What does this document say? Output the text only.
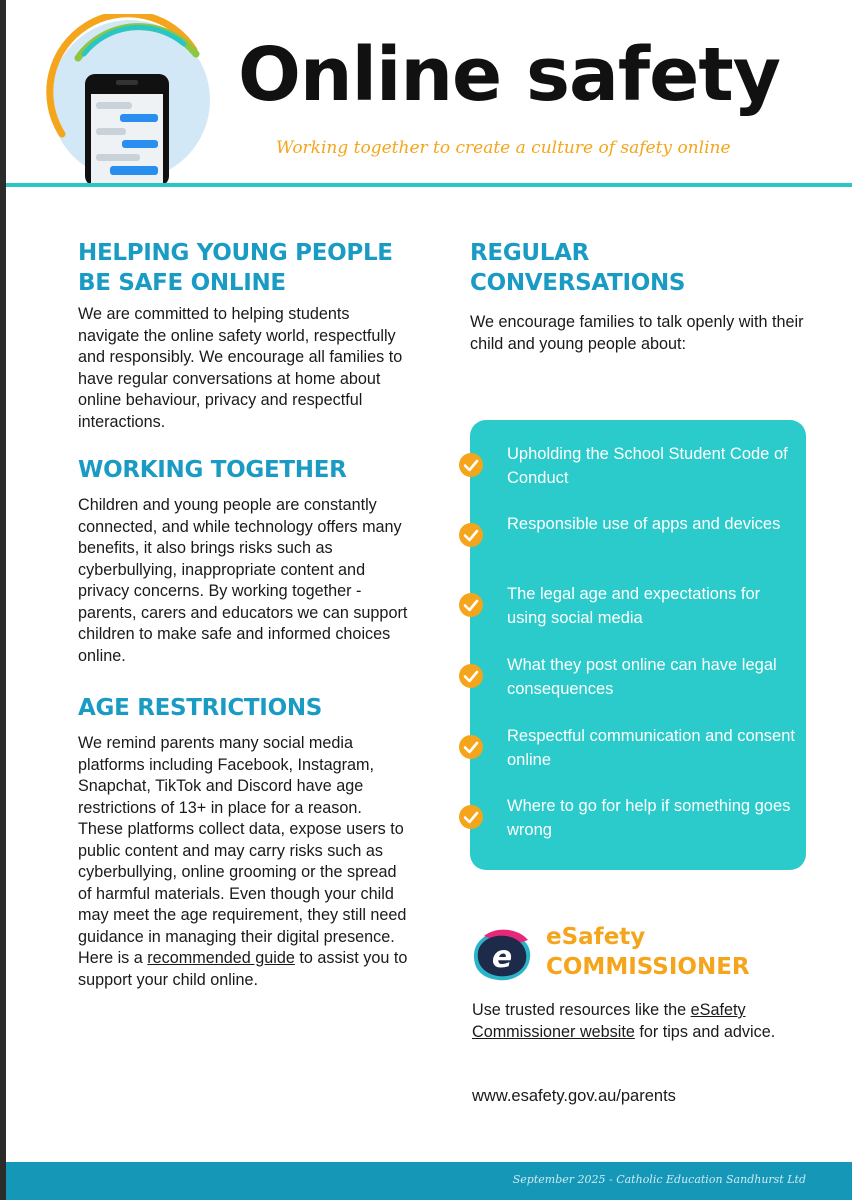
Online safety
Working together to create a culture of safety online
HELPING YOUNG PEOPLE BE SAFE ONLINE

We are committed to helping students navigate the online safety world, respectfully and responsibly. We encourage all families to have regular conversations at home about online behaviour, privacy and respectful interactions.

WORKING TOGETHER

Children and young people are constantly connected, and while technology offers many benefits, it also brings risks such as cyberbullying, inappropriate content and privacy concerns. By working together - parents, carers and educators we can support children to make safe and informed choices online.

AGE RESTRICTIONS

We remind parents many social media platforms including Facebook, Instagram, Snapchat, TikTok and Discord have age restrictions of 13+ in place for a reason. These platforms collect data, expose users to public content and may carry risks such as cyberbullying, online grooming or the spread of harmful materials. Even though your child may meet the age requirement, they still need guidance in managing their digital presence. Here is a recommended guide to assist you to support your child online.

REGULAR CONVERSATIONS

We encourage families to talk openly with their child and young people about:

Upholding the School Student Code of Conduct
Responsible use of apps and devices
The legal age and expectations for using social media
What they post online can have legal consequences
Respectful communication and consent online
Where to go for help if something goes wrong
e
eSafety
COMMISSIONER

Use trusted resources like the eSafety Commissioner website for tips and advice.

www.esafety.gov.au/parents

September 2025 - Catholic Education Sandhurst Ltd
